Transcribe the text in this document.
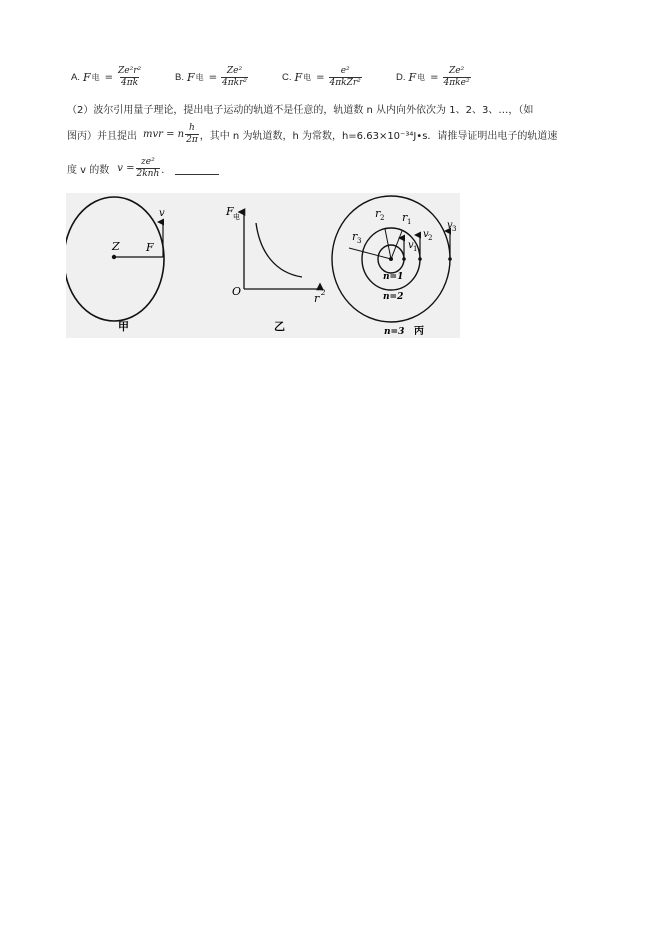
A. F 电 = $\frac{\text{Ze²r²}}{4\pi k}$	B. F 电 = $\frac{\text{Ze²}}{\text{4πkr²}}$	C. F 电 = $\frac{\text{e²}}{\text{4πkZr²}}$	D. F 电 = $\frac{\text{Ze²}}{\text{4πke²}}$
（2）波尔引用量子理论，提出电子运动的轨道不是任意的，轨道数 n 从内向外依次为 1、2、3、…，（如
图丙）并且提出 mvr = n $\frac{h}{2\pi}$ ，其中 n 为轨道数，h 为常数，h=6.63×10⁻³⁴J•s．请推导证明出电子的轨道速
度 v 的数 $v = \frac{\text{ze²}}{\text{2knh}}$ ．
Z F
v
甲
F 电
O
r 2
乙
r 1
r 2
r 3	v 1
v 2
v 3
n=1
n=2
n=3 丙
